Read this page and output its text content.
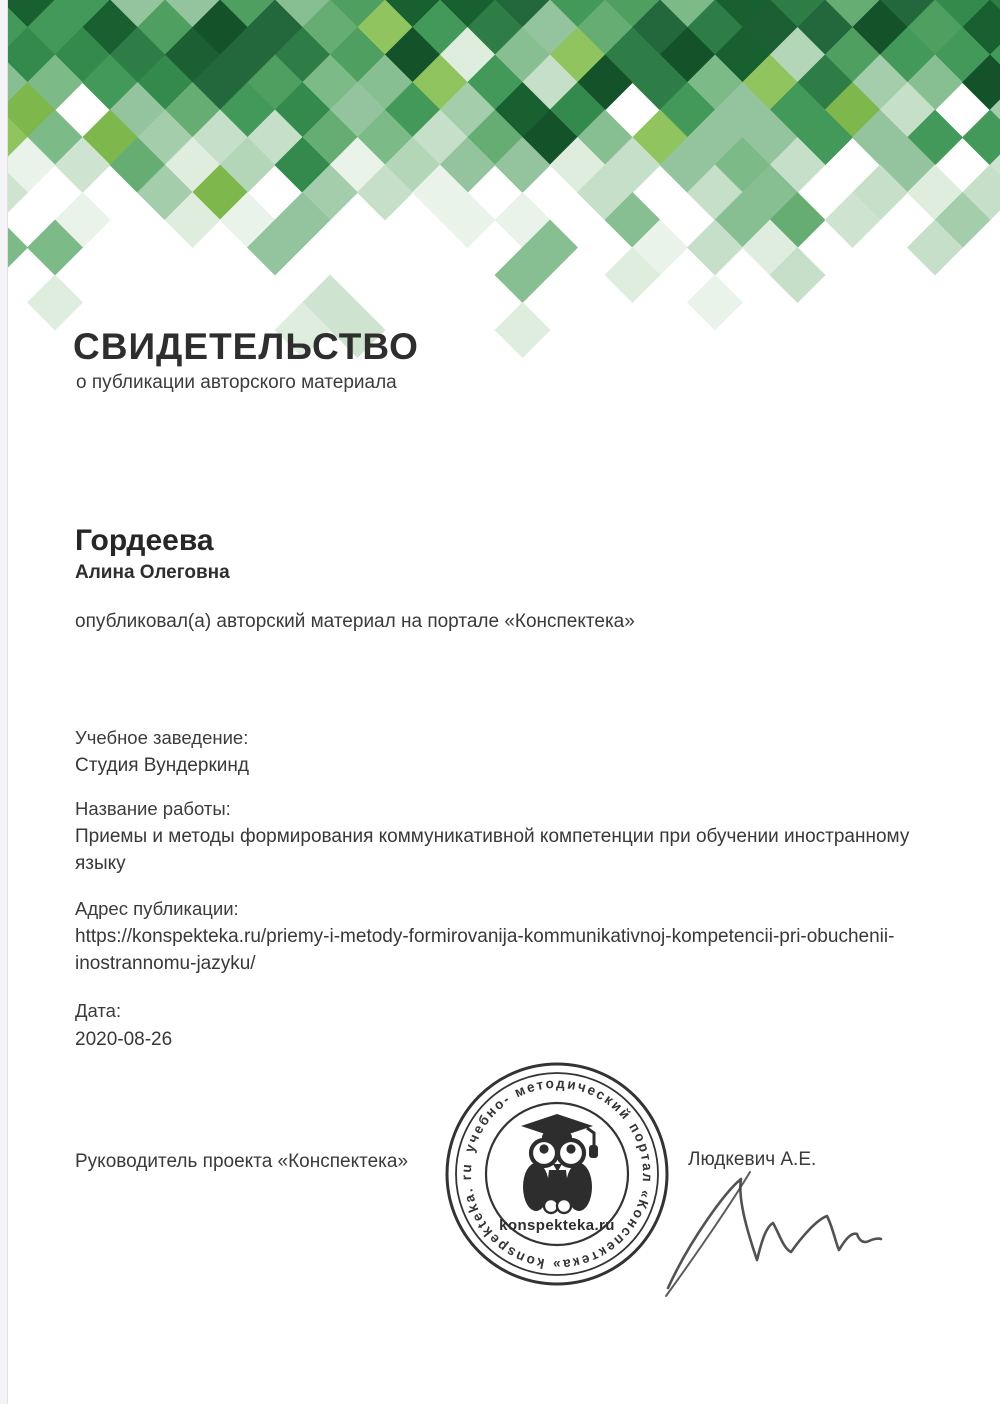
СВИДЕТЕЛЬСТВО
о публикации авторского материала
Гордеева
Алина Олеговна
опубликовал(а) авторский материал на портале «Конспектека»
Учебное заведение:
Студия Вундеркинд
Название работы:
Приемы и методы формирования коммуникативной компетенции при обучении иностранному языку
Адрес публикации:
https://konspekteka.ru/priemy-i-metody-formirovanija-kommunikativnoj-kompetencii-pri-obuchenii-inostrannomu-jazyku/
Дата:
2020-08-26
Руководитель проекта «Конспектека»	Людкевич А.Е.
учебно- методический портал «Конспектека» konspekteka. ru
konspekteka.ru
